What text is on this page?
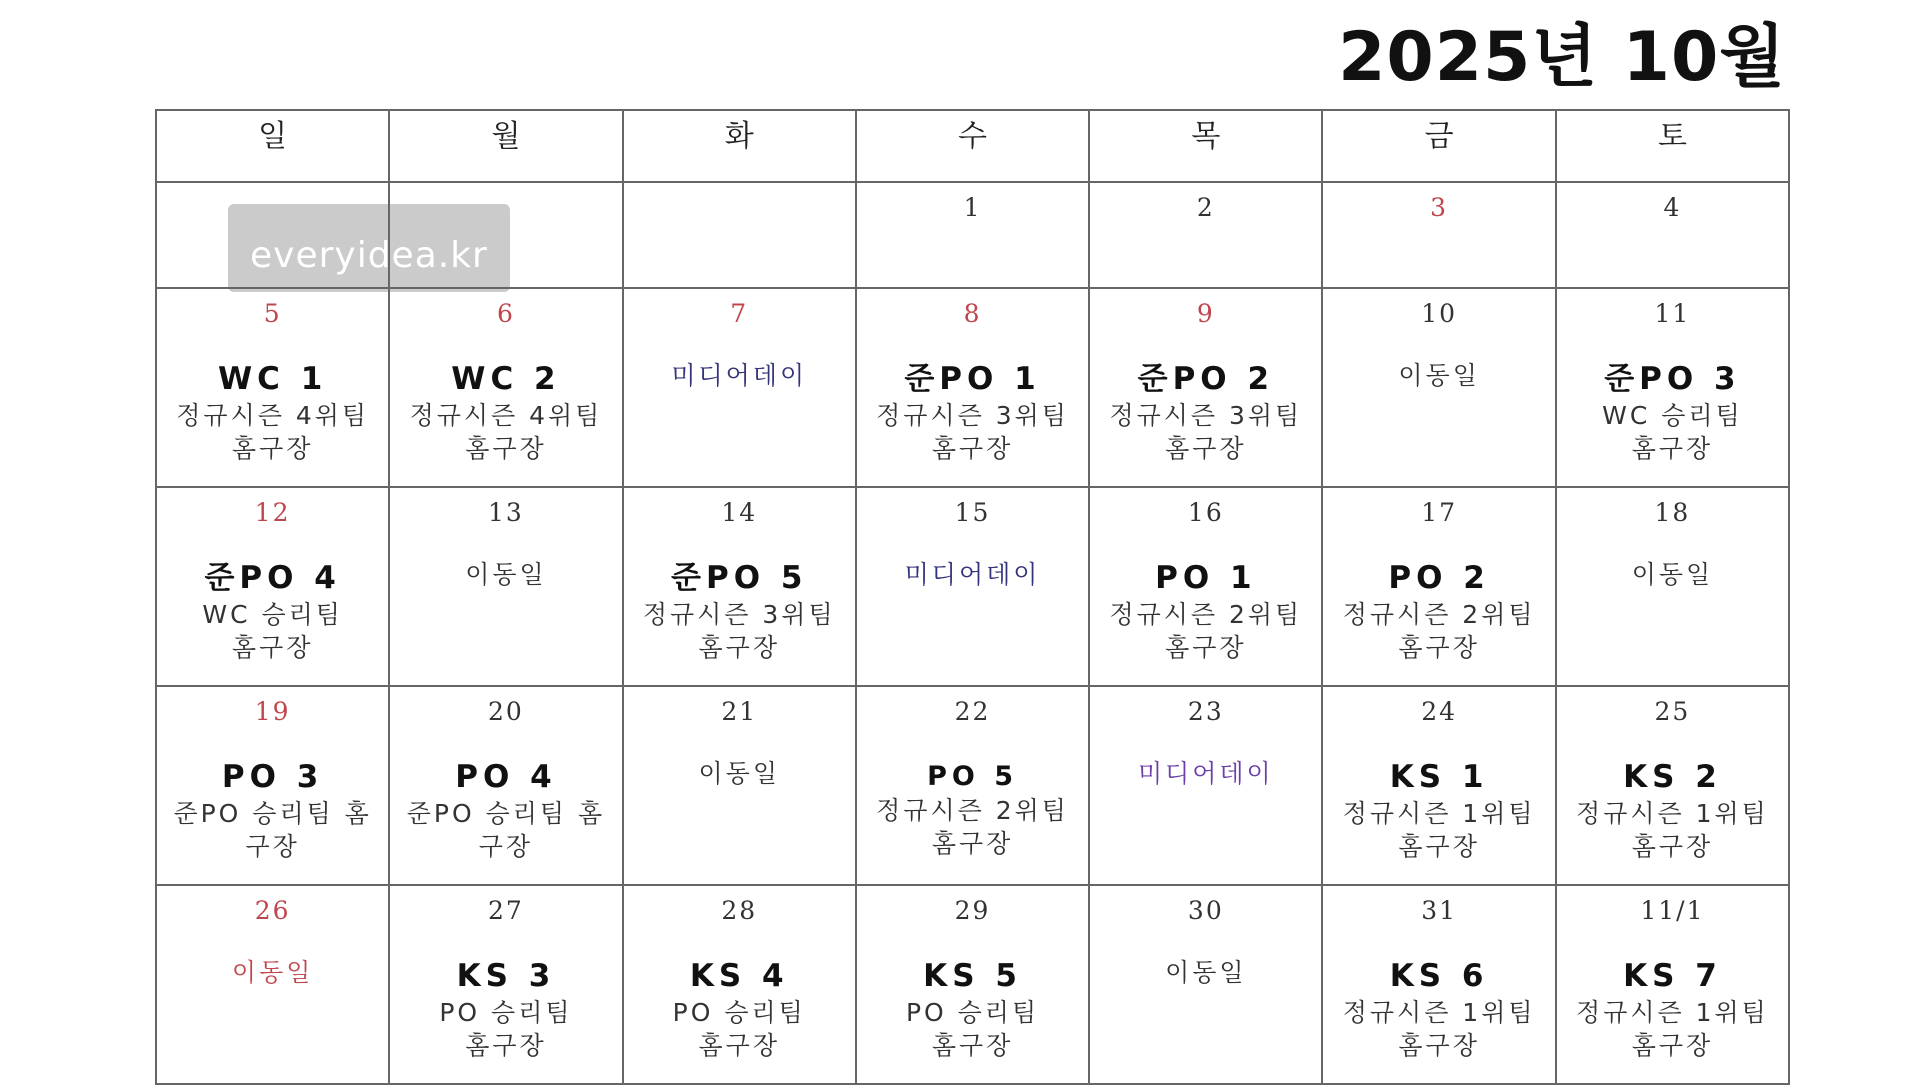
2025년 10월
everyidea.kr
일	월	화	수	목	금	토

			1	2	3	4

5
WC 1
정규시즌 4위팀
홈구장	6
WC 2
정규시즌 4위팀
홈구장	7
미디어데이	8
준PO 1
정규시즌 3위팀
홈구장	9
준PO 2
정규시즌 3위팀
홈구장	10
이동일	11
준PO 3
WC 승리팀
홈구장

12
준PO 4
WC 승리팀
홈구장	13
이동일	14
준PO 5
정규시즌 3위팀
홈구장	15
미디어데이	16
PO 1
정규시즌 2위팀
홈구장	17
PO 2
정규시즌 2위팀
홈구장	18
이동일

19
PO 3
준PO 승리팀 홈
구장	20
PO 4
준PO 승리팀 홈
구장	21
이동일	22
PO 5
정규시즌 2위팀
홈구장	23
미디어데이	24
KS 1
정규시즌 1위팀
홈구장	25
KS 2
정규시즌 1위팀
홈구장

26
이동일	27
KS 3
PO 승리팀
홈구장	28
KS 4
PO 승리팀
홈구장	29
KS 5
PO 승리팀
홈구장	30
이동일	31
KS 6
정규시즌 1위팀
홈구장	11/1
KS 7
정규시즌 1위팀
홈구장
